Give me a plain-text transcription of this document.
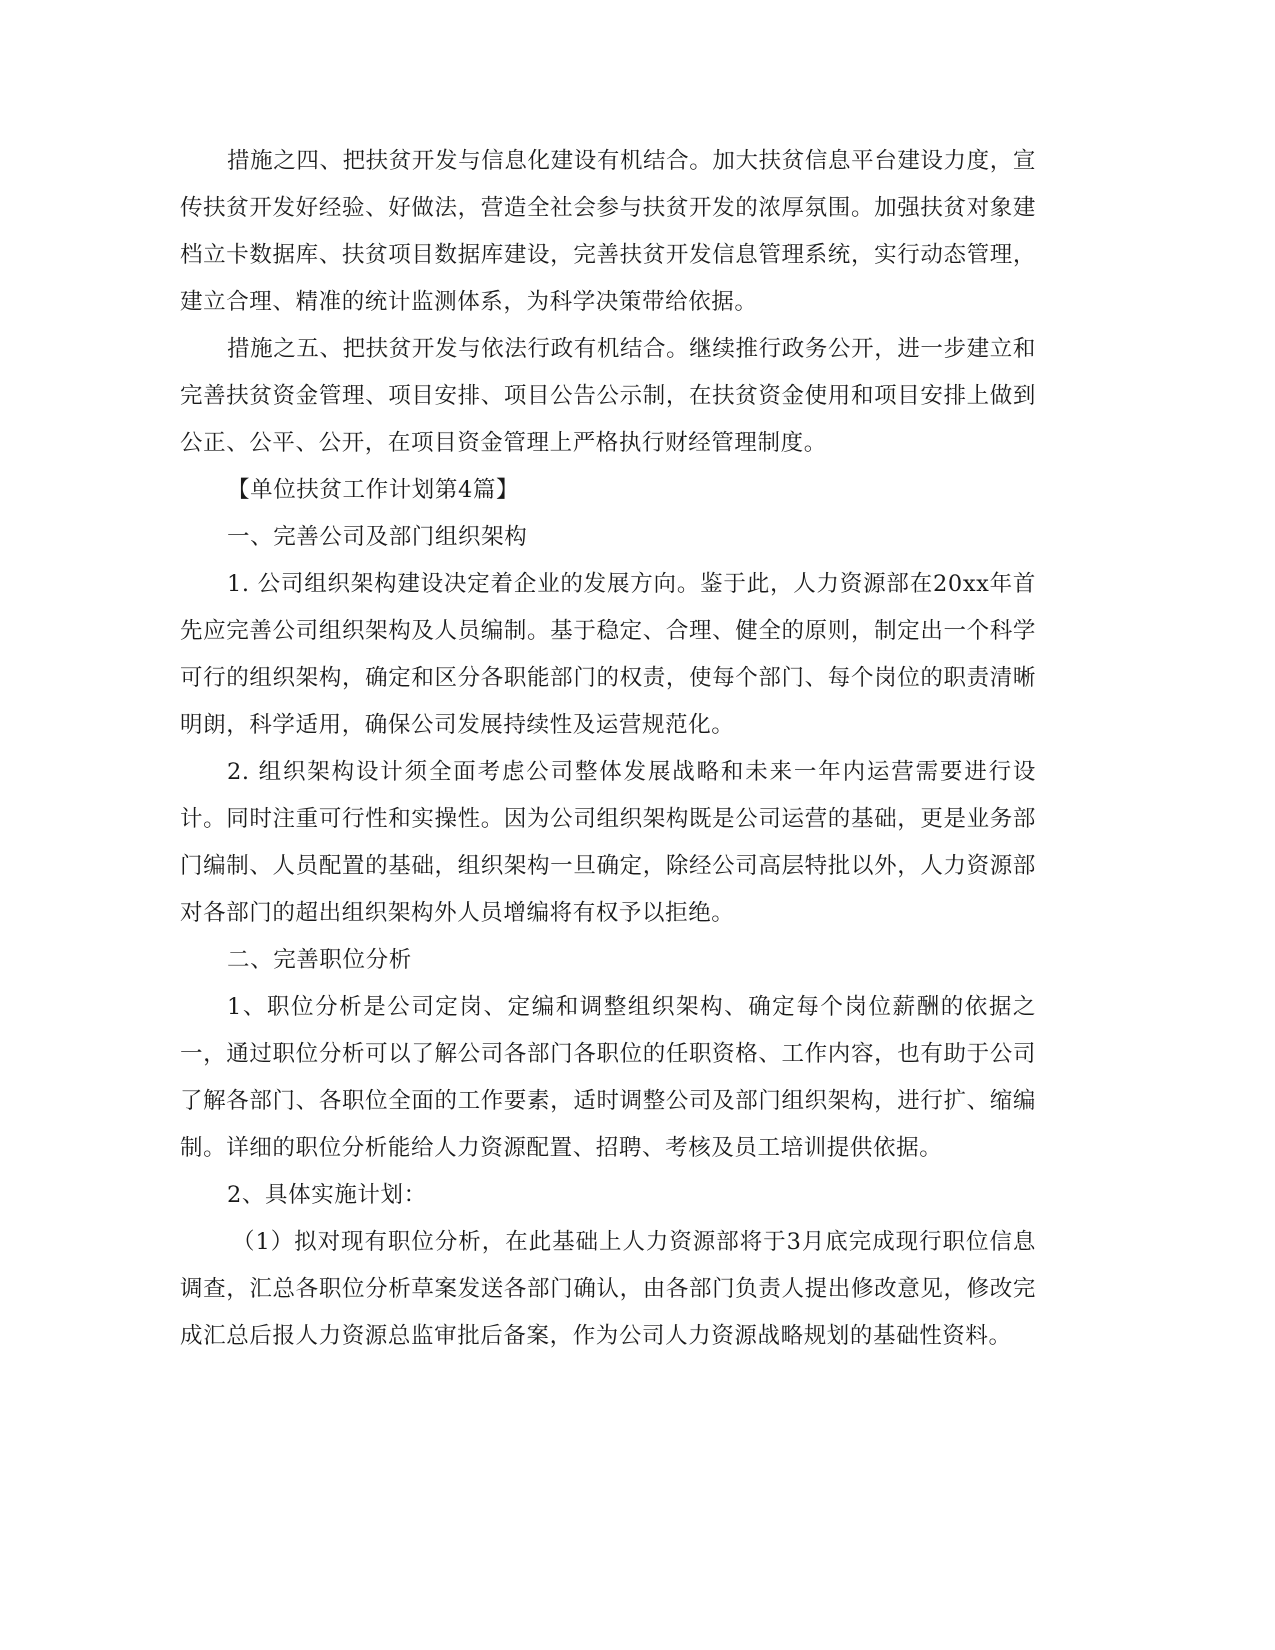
措施之四、把扶贫开发与信息化建设有机结合。加大扶贫信息平台建设力度，宣传扶贫开发好经验、好做法，营造全社会参与扶贫开发的浓厚氛围。加强扶贫对象建档立卡数据库、扶贫项目数据库建设，完善扶贫开发信息管理系统，实行动态管理，建立合理、精准的统计监测体系，为科学决策带给依据。

措施之五、把扶贫开发与依法行政有机结合。继续推行政务公开，进一步建立和完善扶贫资金管理、项目安排、项目公告公示制，在扶贫资金使用和项目安排上做到公正、公平、公开，在项目资金管理上严格执行财经管理制度。

【单位扶贫工作计划第4篇】

一、完善公司及部门组织架构

1. 公司组织架构建设决定着企业的发展方向。鉴于此，人力资源部在20xx年首先应完善公司组织架构及人员编制。基于稳定、合理、健全的原则，制定出一个科学可行的组织架构，确定和区分各职能部门的权责，使每个部门、每个岗位的职责清晰明朗，科学适用，确保公司发展持续性及运营规范化。

2. 组织架构设计须全面考虑公司整体发展战略和未来一年内运营需要进行设计。同时注重可行性和实操性。因为公司组织架构既是公司运营的基础，更是业务部门编制、人员配置的基础，组织架构一旦确定，除经公司高层特批以外，人力资源部对各部门的超出组织架构外人员增编将有权予以拒绝。

二、完善职位分析

1、职位分析是公司定岗、定编和调整组织架构、确定每个岗位薪酬的依据之一，通过职位分析可以了解公司各部门各职位的任职资格、工作内容，也有助于公司了解各部门、各职位全面的工作要素，适时调整公司及部门组织架构，进行扩、缩编制。详细的职位分析能给人力资源配置、招聘、考核及员工培训提供依据。

2、具体实施计划：

（1）拟对现有职位分析，在此基础上人力资源部将于3月底完成现行职位信息调查，汇总各职位分析草案发送各部门确认，由各部门负责人提出修改意见，修改完成汇总后报人力资源总监审批后备案，作为公司人力资源战略规划的基础性资料。
